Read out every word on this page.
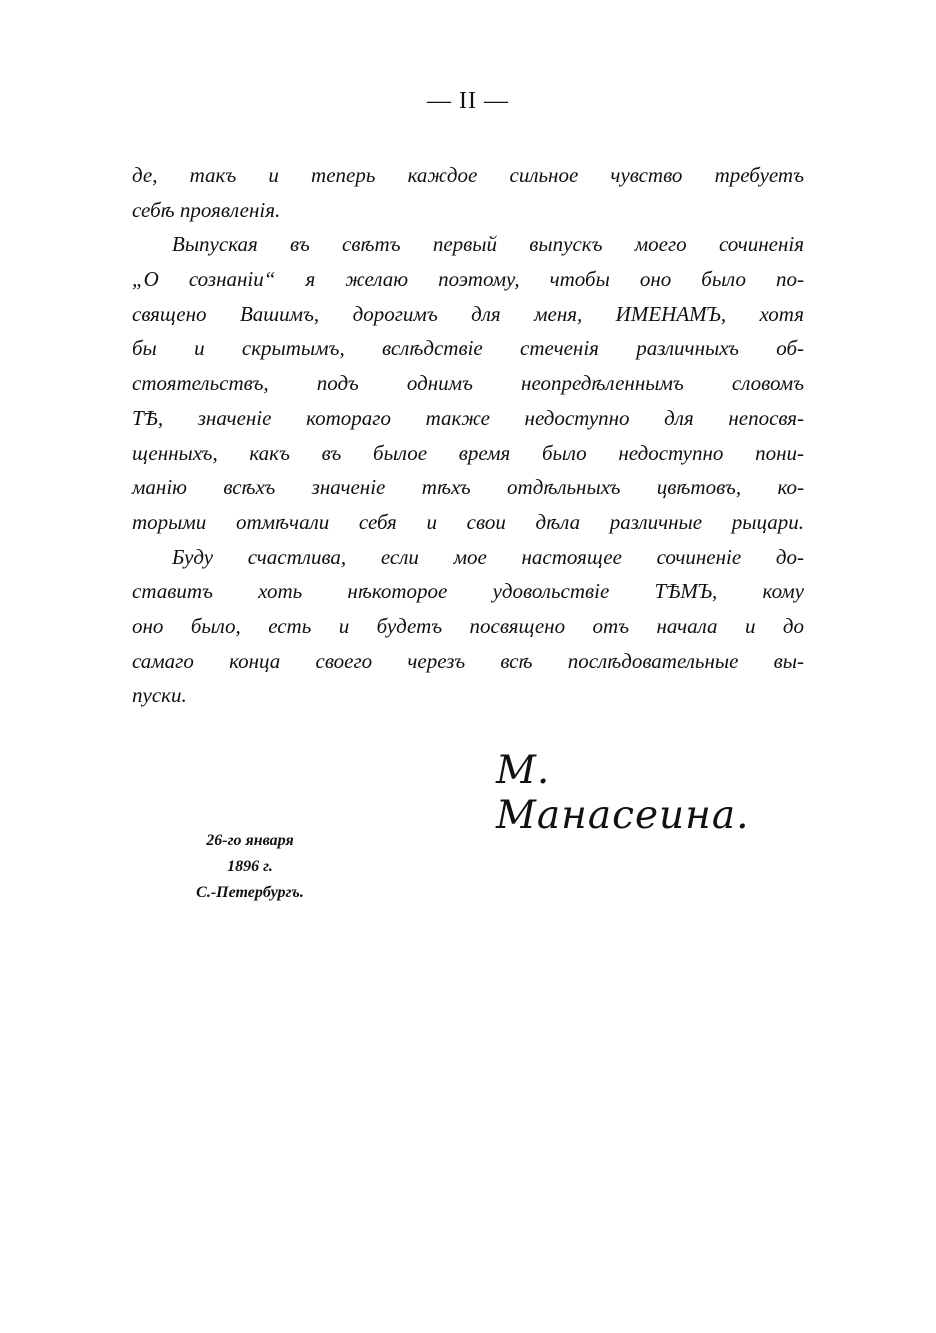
— II —
де, такъ и теперь каждое сильное чувство требуетъ
себѣ проявленія.
Выпуская въ свѣтъ первый выпускъ моего сочиненія
„О сознаніи“ я желаю поэтому, чтобы оно было по-
священо Вашимъ, дорогимъ для меня, ИМЕНАМЪ, хотя
бы и скрытымъ, вслѣдствіе стеченія различныхъ об-
стоятельствъ, подъ однимъ неопредѣленнымъ словомъ
ТѢ, значеніе котораго также недоступно для непосвя-
щенныхъ, какъ въ былое время было недоступно пони-
манію всѣхъ значеніе тѣхъ отдѣльныхъ цвѣтовъ, ко-
торыми отмѣчали себя и свои дѣла различные рыцари.
Буду счастлива, если мое настоящее сочиненіе до-
ставитъ хоть нѣкоторое удовольствіе ТѢМЪ, кому
оно было, есть и будетъ посвящено отъ начала и до
самаго конца своего черезъ всѣ послѣдовательные вы-
пуски.
М. Манасеина.
26-го января
1896 г.
С.-Петербургъ.
